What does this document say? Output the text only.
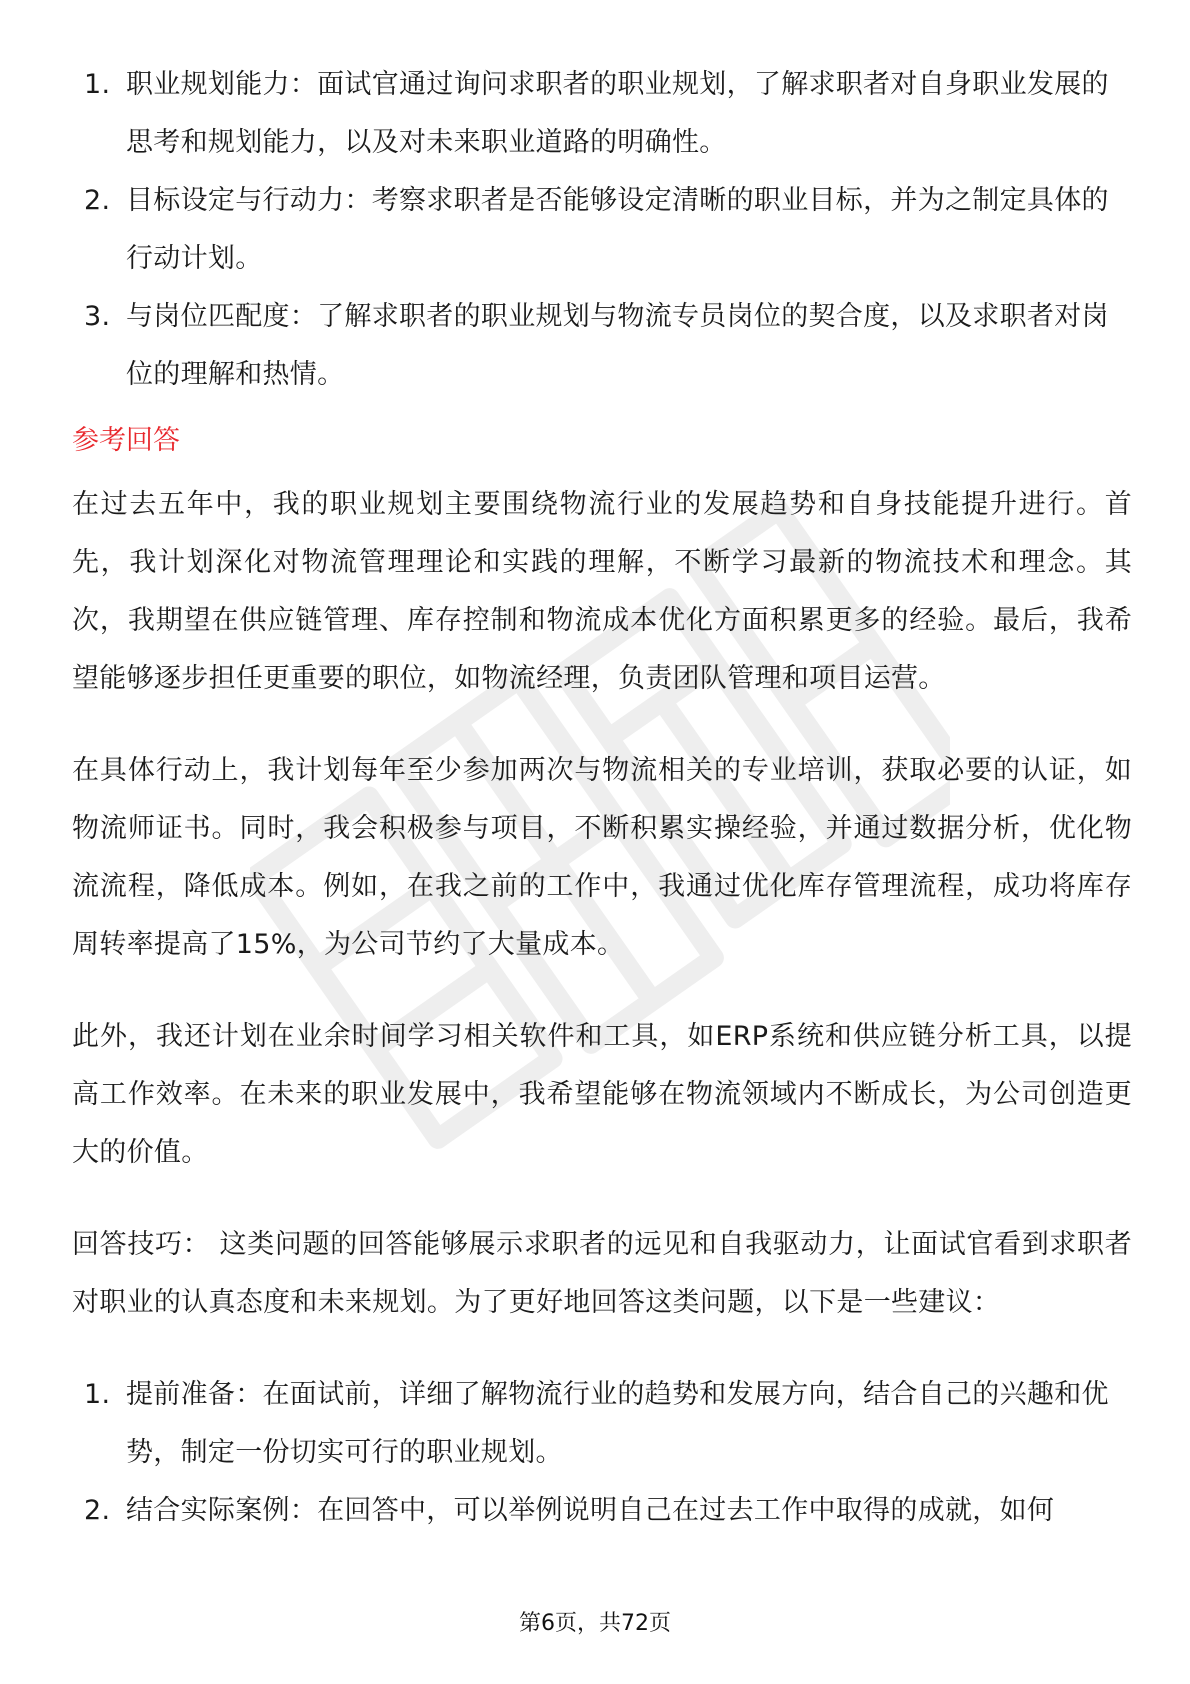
1. 职业规划能力：面试官通过询问求职者的职业规划，了解求职者对自身职业发展的思考和规划能力，以及对未来职业道路的明确性。
2. 目标设定与行动力：考察求职者是否能够设定清晰的职业目标，并为之制定具体的行动计划。
3. 与岗位匹配度：了解求职者的职业规划与物流专员岗位的契合度，以及求职者对岗位的理解和热情。
参考回答

在过去五年中，我的职业规划主要围绕物流行业的发展趋势和自身技能提升进行。首先，我计划深化对物流管理理论和实践的理解，不断学习最新的物流技术和理念。其次，我期望在供应链管理、库存控制和物流成本优化方面积累更多的经验。最后，我希望能够逐步担任更重要的职位，如物流经理，负责团队管理和项目运营。

在具体行动上，我计划每年至少参加两次与物流相关的专业培训，获取必要的认证，如物流师证书。同时，我会积极参与项目，不断积累实操经验，并通过数据分析，优化物流流程，降低成本。例如，在我之前的工作中，我通过优化库存管理流程，成功将库存周转率提高了15%，为公司节约了大量成本。

此外，我还计划在业余时间学习相关软件和工具，如ERP系统和供应链分析工具，以提高工作效率。在未来的职业发展中，我希望能够在物流领域内不断成长，为公司创造更大的价值。

回答技巧： 这类问题的回答能够展示求职者的远见和自我驱动力，让面试官看到求职者对职业的认真态度和未来规划。为了更好地回答这类问题，以下是一些建议：

1. 提前准备：在面试前，详细了解物流行业的趋势和发展方向，结合自己的兴趣和优势，制定一份切实可行的职业规划。
2. 结合实际案例：在回答中，可以举例说明自己在过去工作中取得的成就，如何
第6页，共72页
